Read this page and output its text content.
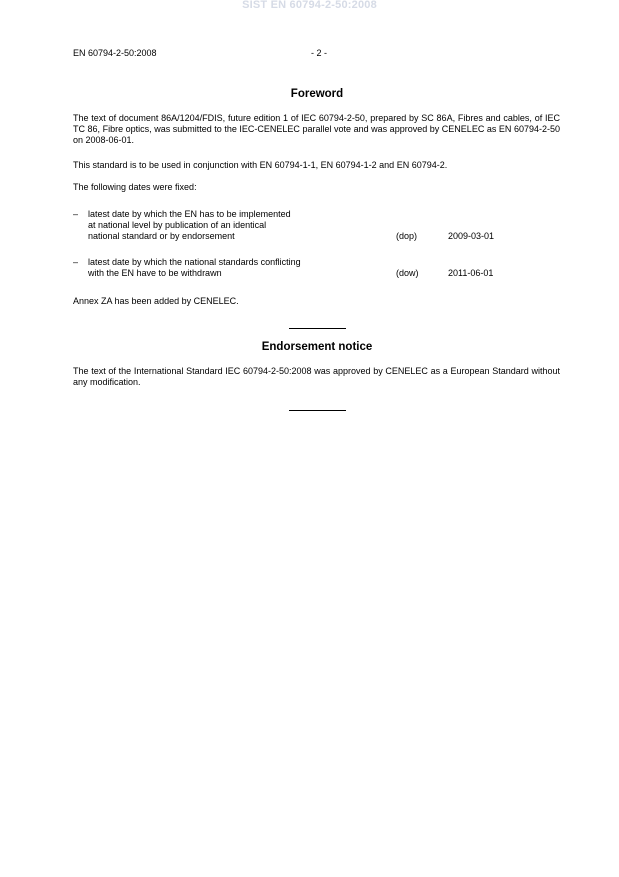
SIST EN 60794-2-50:2008
EN 60794-2-50:2008	- 2 -
Foreword
The text of document 86A/1204/FDIS, future edition 1 of IEC 60794-2-50, prepared by SC 86A, Fibres and cables, of IEC TC 86, Fibre optics, was submitted to the IEC-CENELEC parallel vote and was approved by CENELEC as EN 60794-2-50 on 2008-06-01.
This standard is to be used in conjunction with EN 60794-1-1, EN 60794-1-2 and EN 60794-2.
The following dates were fixed:
– latest date by which the EN has to be implemented
at national level by publication of an identical
national standard or by endorsement	(dop)	2009-03-01
– latest date by which the national standards conflicting
with the EN have to be withdrawn	(dow)	2011-06-01
Annex ZA has been added by CENELEC.
Endorsement notice
The text of the International Standard IEC 60794-2-50:2008 was approved by CENELEC as a European Standard without any modification.
